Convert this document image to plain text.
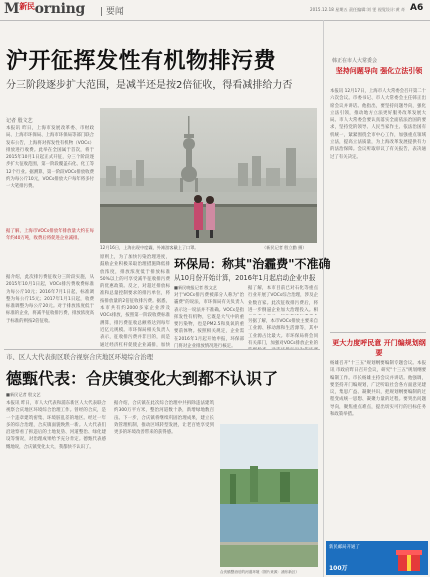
$M^{新民}orning$ | 要闻	2015.12.18 星期五 责任编辑:刘 雯 视觉设计:黄 奇 A6
沪开征挥发性有机物排污费
分三阶段逐步扩大范围，是减半还是按2倍征收，得看减排给力否
记者 殷文艺
本报讯 昨日，上海市发展改革委、市财政局、上海市环保局、上海市环保局等部门联合发布公告，上海将对挥发性有机物（VOCs）排放进行收费。此举在全国属于首次，将于2015年10月1日起正式开征，分三个阶段逐步扩大征收范围，第一阶段覆盖石化、化工等12个行业。据测算，第一阶段VOCs排放收费约为每公斤10元，VOCs排放大户每年将多付一大笔排污费。
据了解，上海市VOCs排放年排放量大约在每年约40万吨，收费后将促进企业减排。
据介绍，此次排污费征收分三阶段实施，从2015年10月1日起，VOCs排污费收费标准为每公斤10元；2016年7月1日起，标准调整为每公斤15元；2017年1月1日起，收费标准调整为每公斤20元。对于排放浓度低于标准的企业，将减半征收排污费，排放浓度高于标准的则按2倍征收。
12月16日，上海出现中度霾，外滩游客戴上了口罩。	（新民记者 殷立勤 摄）
原则上，为了加快污染治理进度，鼓励企业积极采取治理措施降低排放浓度，排放浓度低于排放标准50%以上的可享受减半征收排污费的优惠政策。反之，对超过排放标准和总量控制要求的排污单位，将按排放量的2倍征收排污费。据悉，本市共有约2000多家企业涉及VOCs排放，按照第一阶段收费标准测算，排污费征收总额将达到每年近亿元规模。市环保局相关负责人表示，征收排污费并非目的，而是通过经济杠杆促使企业减排，加快
环保局：称其"治霾费"不准确
从10月份开始计算，2016年1月起启动企业申报
■新民晚报记者 殷文艺
对于VOCs排污费被部分人称为"治霾费"的说法，市环保局有关负责人表示这一说法并不准确。VOCs是指挥发性有机物，它既是大气中的重要污染物，也是PM2.5和臭氧的重要前体物。按照相关规定，企业需在2016年1月起开始申报，环保部门将对企业排放情况进行核定。
据了解，本市目前已对石化等重点行业开展了VOCs综合治理，涉及企业数百家。此次征收排污费后，将进一步倒逼企业加大治理投入。相
另据了解，本市VOCs排放主要来自工业源、移动源和生活源等，其中工业源占比最大。市环保局将会同有关部门，加强对VOCs排放企业的
市、区人大代表街区联合视察合庆地区环境综合治理
德甄代表：合庆镇变化大到都不认识了
■新民记者 殷文艺
本报讯 昨日，市人大代表和浦东新区人大代表联合视察合庆地区环境综合治理工作。曾经的合庆，是一个违章建筑密集、环境脏乱差的地区。经过一年多的综合治理，合庆镇面貌焕然一新。人大代表们沿途察看了拆违后的土地复垦、河道整治、绿化建设等情况，对治理成果给予充分肯定。德甄代表感慨地说，合庆镇变化太大，我都快不认识了。
据介绍，合庆镇在此次综合治理中共拆除违法建筑约300万平方米，整治河道数十条，新增绿地数百亩。下一步，合庆镇将继续巩固治理成果，建立长效管理机制，推动区域转型发展，让老百姓享受到更多的环境改善带来的获得感。
合庆镇整治后的河道环境（图片来源：浦东新区）
韩正在市人大常委会
坚持问题导向 强化立法引领
本报讯 12月17日，上海市人大常委会召开第二十六次会议。市委书记、市人大常委会主任韩正出席会议并讲话。他指出，要坚持问题导向，强化立法引领，推动地方立法更好服务改革发展大局。市人大常委会要认真落实全面依法治国的要求，坚持党的领导、人民当家作主、依法治国有机统一，紧紧围绕全市中心工作，加强重点领域立法，提高立法质量，为上海改革发展提供有力的法治保障。会议听取审议了有关报告，表决通过了有关决定。
更大力度呼民意 开门编规划纲要
杨雄召开"十三五"规划纲要编制专题会议。本报讯 市政府昨日召开会议，研究"十三五"规划纲要编制工作。市长杨雄主持会议并讲话。他强调，要坚持开门编规划，广泛听取社会各方面意见建议，集思广益、凝聚共识，把规划纲要编制的过程变成统一思想、凝聚力量的过程。要突出问题导向，聚焦重点难点，提出切实可行的目标任务和政策举措。
新民邮局开通了
100万
